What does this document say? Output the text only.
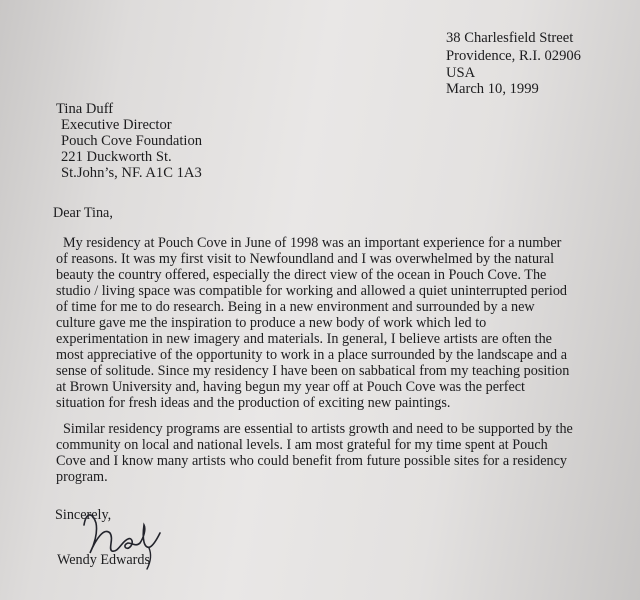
38 Charlesfield Street
Providence, R.I. 02906
USA
March 10, 1999
Tina Duff
Executive Director
Pouch Cove Foundation
221 Duckworth St.
St.John’s, NF. A1C 1A3
Dear Tina,
My residency at Pouch Cove in June of 1998 was an important experience for a number
of reasons. It was my first visit to Newfoundland and I was overwhelmed by the natural
beauty the country offered, especially the direct view of the ocean in Pouch Cove. The
studio / living space was compatible for working and allowed a quiet uninterrupted period
of time for me to do research. Being in a new environment and surrounded by a new
culture gave me the inspiration to produce a new body of work which led to
experimentation in new imagery and materials. In general, I believe artists are often the
most appreciative of the opportunity to work in a place surrounded by the landscape and a
sense of solitude. Since my residency I have been on sabbatical from my teaching position
at Brown University and, having begun my year off at Pouch Cove was the perfect
situation for fresh ideas and the production of exciting new paintings.
Similar residency programs are essential to artists growth and need to be supported by the
community on local and national levels. I am most grateful for my time spent at Pouch
Cove and I know many artists who could benefit from future possible sites for a residency
program.
Sincerely,
Wendy Edwards
